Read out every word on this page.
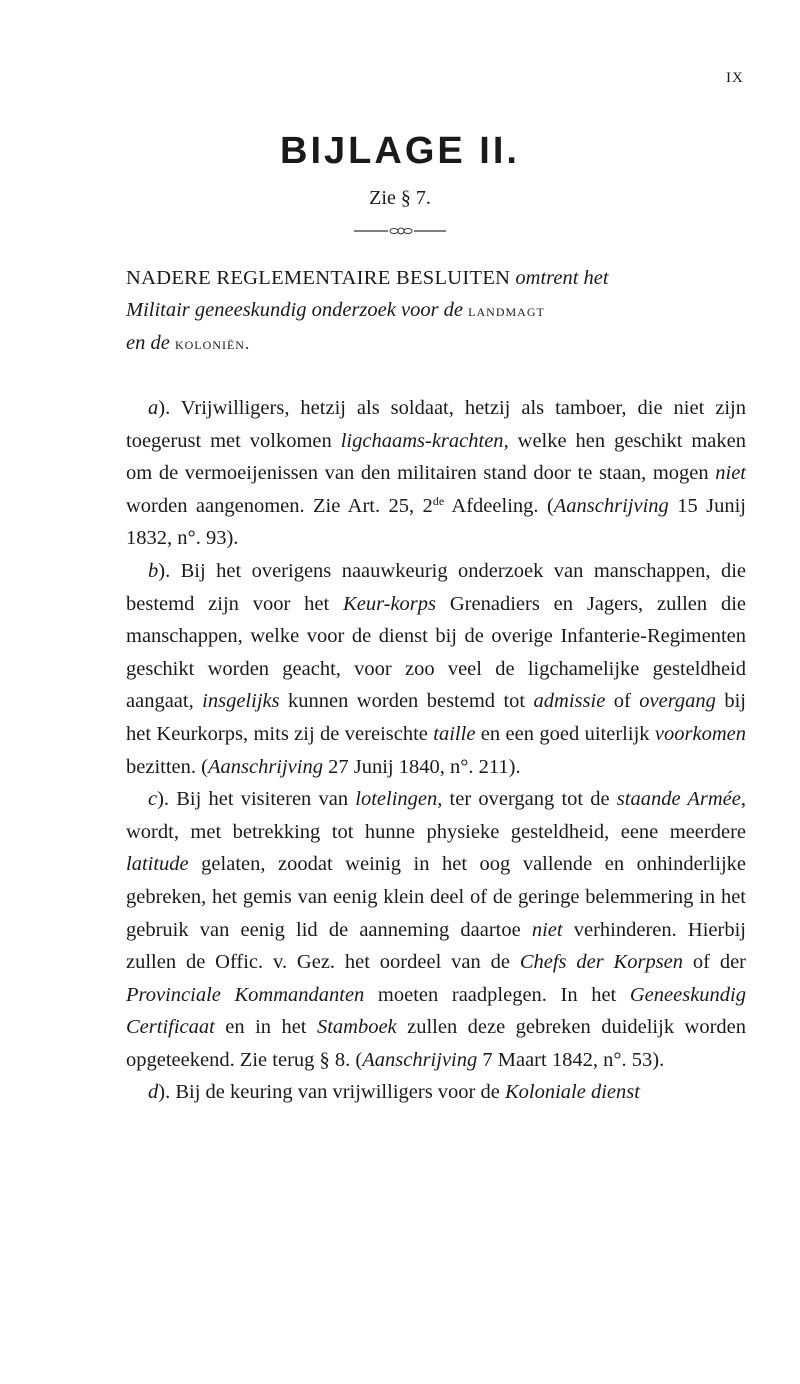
IX
BIJLAGE II.
Zie § 7.
NADERE REGLEMENTAIRE BESLUITEN omtrent het
Militair geneeskundig onderzoek voor de landmagt
en de koloniën.

a). Vrijwilligers, hetzij als soldaat, hetzij als tamboer, die niet zijn toegerust met volkomen ligchaams-krachten, welke hen geschikt maken om de vermoeijenissen van den militairen stand door te staan, mogen niet worden aangenomen. Zie Art. 25, 2de Afdeeling. (Aanschrijving 15 Junij 1832, n°. 93).

b). Bij het overigens naauwkeurig onderzoek van manschappen, die bestemd zijn voor het Keur-korps Grenadiers en Jagers, zullen die manschappen, welke voor de dienst bij de overige Infanterie-Regimenten geschikt worden geacht, voor zoo veel de ligchamelijke gesteldheid aangaat, insgelijks kunnen worden bestemd tot admissie of overgang bij het Keurkorps, mits zij de vereischte taille en een goed uiterlijk voorkomen bezitten. (Aanschrijving 27 Junij 1840, n°. 211).

c). Bij het visiteren van lotelingen, ter overgang tot de staande Armée, wordt, met betrekking tot hunne physieke gesteldheid, eene meerdere latitude gelaten, zoodat weinig in het oog vallende en onhinderlijke gebreken, het gemis van eenig klein deel of de geringe belemmering in het gebruik van eenig lid de aanneming daartoe niet verhinderen. Hierbij zullen de Offic. v. Gez. het oordeel van de Chefs der Korpsen of der Provinciale Kommandanten moeten raadplegen. In het Geneeskundig Certificaat en in het Stamboek zullen deze gebreken duidelijk worden opgeteekend. Zie terug § 8. (Aanschrijving 7 Maart 1842, n°. 53).

d). Bij de keuring van vrijwilligers voor de Koloniale dienst
